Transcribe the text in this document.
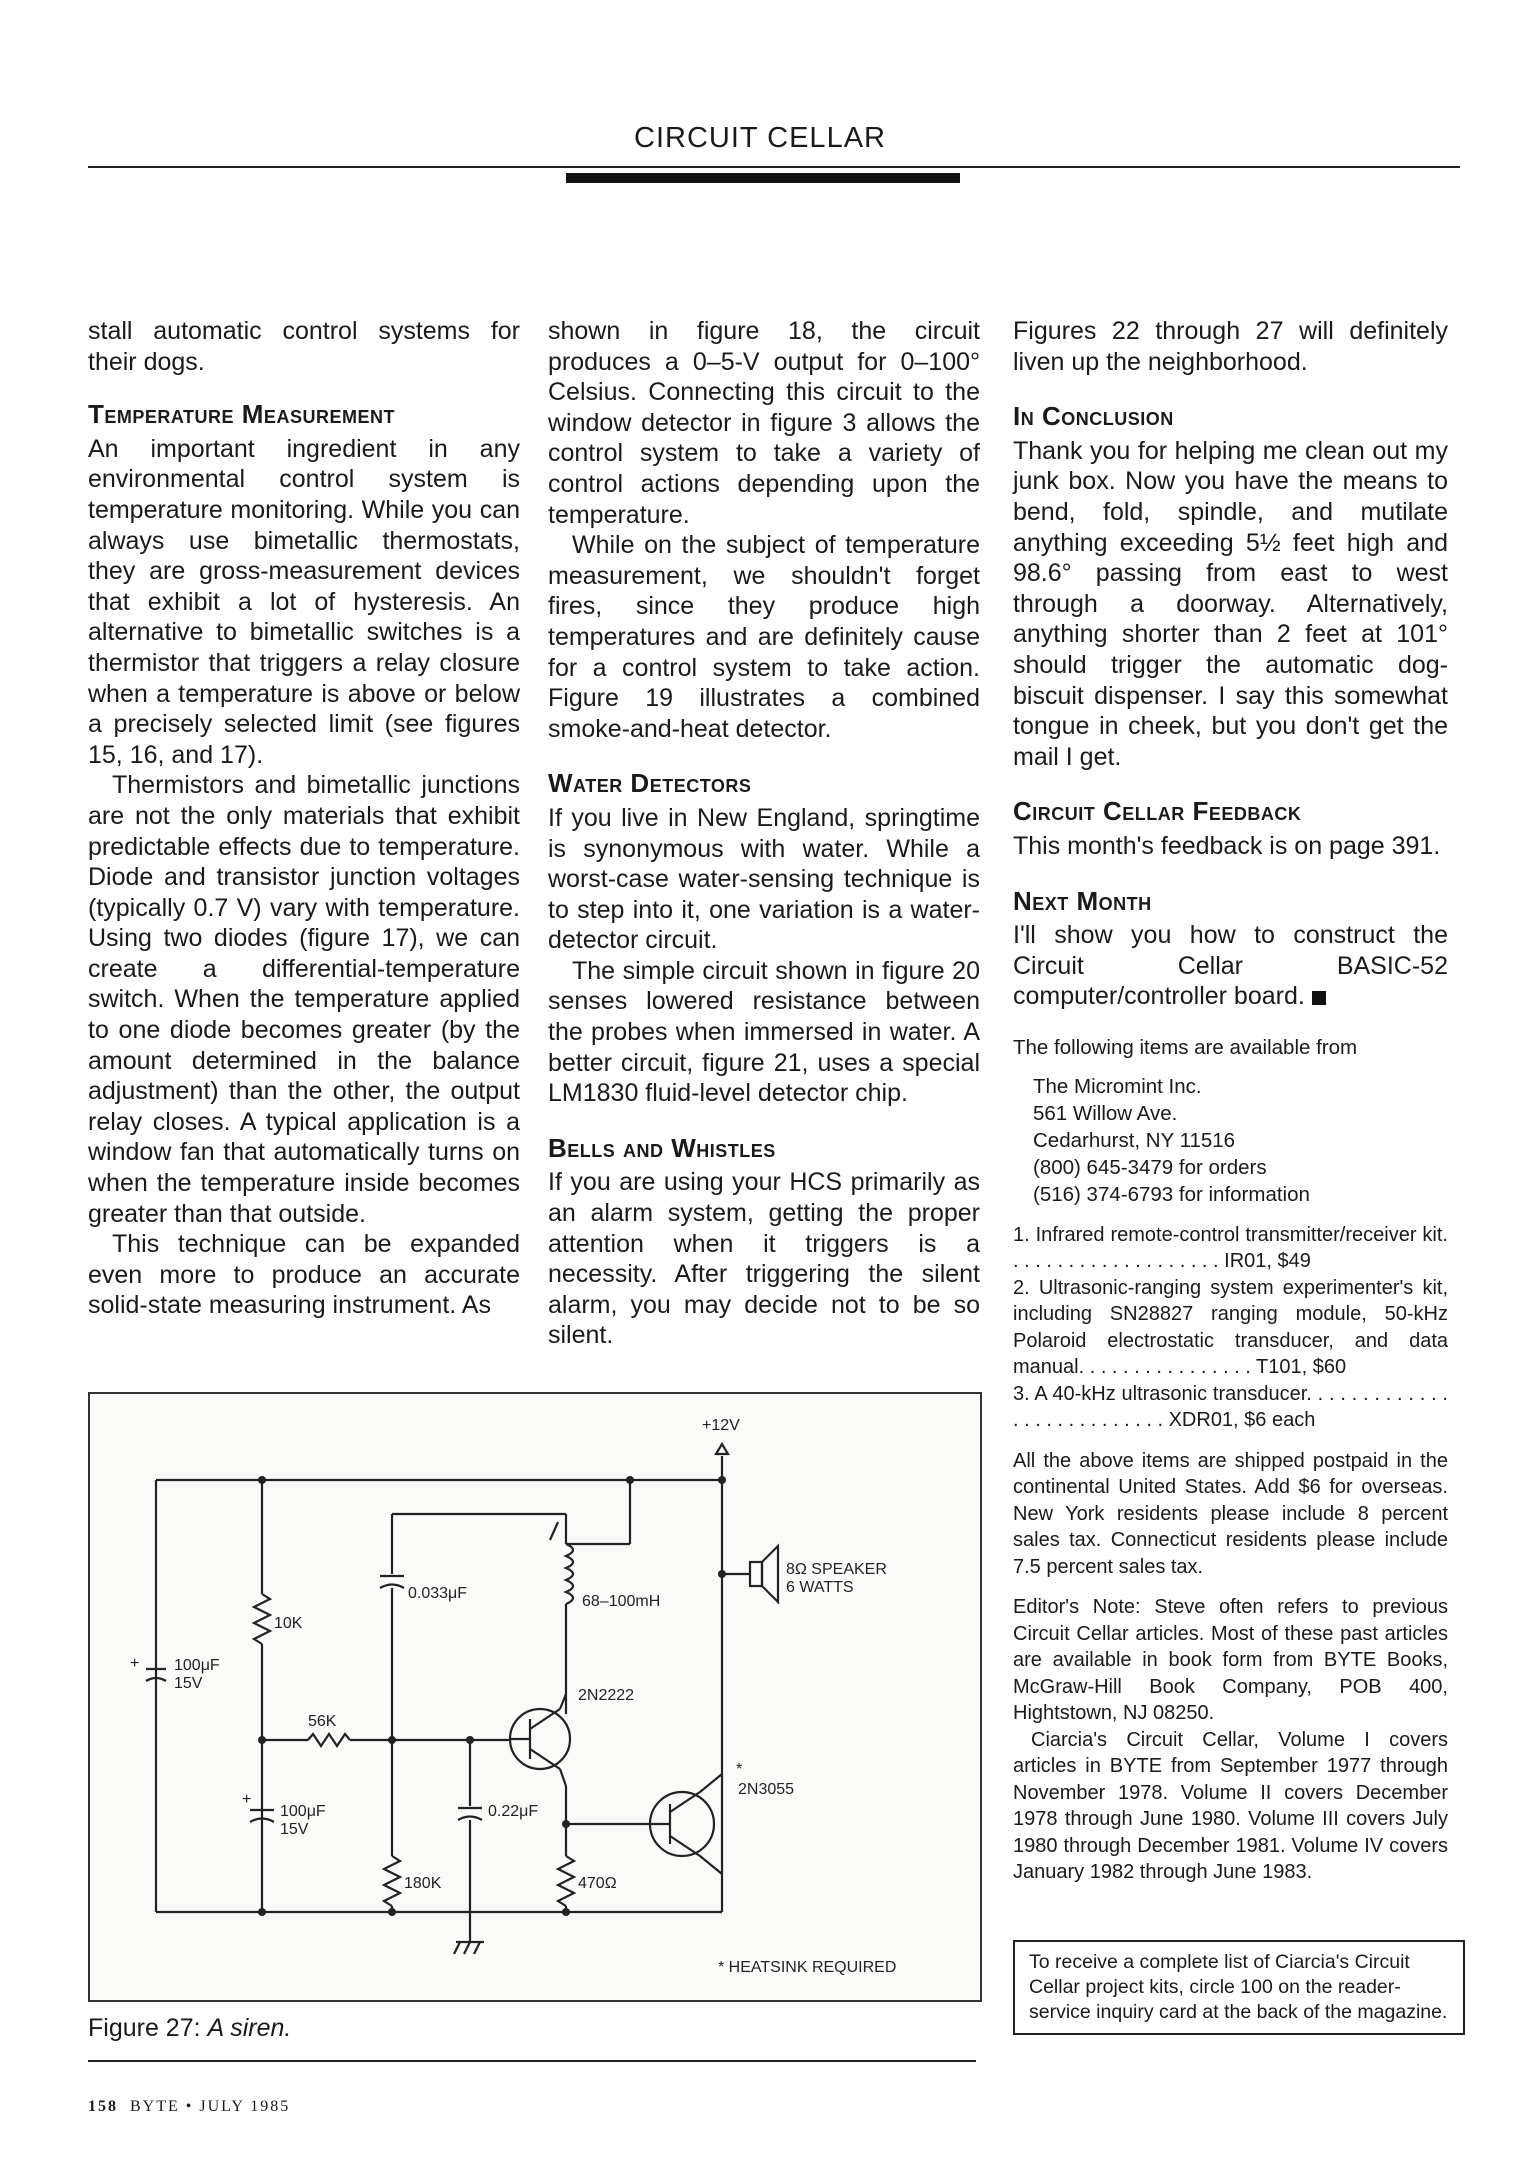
CIRCUIT CELLAR

stall automatic control systems for their dogs.

Temperature Measurement

An important ingredient in any environmental control system is temperature monitoring. While you can always use bimetallic thermostats, they are gross-measurement devices that exhibit a lot of hysteresis. An alternative to bimetallic switches is a thermistor that triggers a relay closure when a temperature is above or below a precisely selected limit (see figures 15, 16, and 17).

Thermistors and bimetallic junctions are not the only materials that exhibit predictable effects due to temperature. Diode and transistor junction voltages (typically 0.7 V) vary with temperature. Using two diodes (figure 17), we can create a differential-temperature switch. When the temperature applied to one diode becomes greater (by the amount determined in the balance adjustment) than the other, the output relay closes. A typical application is a window fan that automatically turns on when the temperature inside becomes greater than that outside.

This technique can be expanded even more to produce an accurate solid-state measuring instrument. As

shown in figure 18, the circuit produces a 0–5-V output for 0–100° Celsius. Connecting this circuit to the window detector in figure 3 allows the control system to take a variety of control actions depending upon the temperature.

While on the subject of temperature measurement, we shouldn't forget fires, since they produce high temperatures and are definitely cause for a control system to take action. Figure 19 illustrates a combined smoke-and-heat detector.

Water Detectors

If you live in New England, springtime is synonymous with water. While a worst-case water-sensing technique is to step into it, one variation is a water-detector circuit.

The simple circuit shown in figure 20 senses lowered resistance between the probes when immersed in water. A better circuit, figure 21, uses a special LM1830 fluid-level detector chip.

Bells and Whistles

If you are using your HCS primarily as an alarm system, getting the proper attention when it triggers is a necessity. After triggering the silent alarm, you may decide not to be so silent.

Figures 22 through 27 will definitely liven up the neighborhood.

In Conclusion

Thank you for helping me clean out my junk box. Now you have the means to bend, fold, spindle, and mutilate anything exceeding 5½ feet high and 98.6° passing from east to west through a doorway. Alternatively, anything shorter than 2 feet at 101° should trigger the automatic dog-biscuit dispenser. I say this somewhat tongue in cheek, but you don't get the mail I get.

Circuit Cellar Feedback

This month's feedback is on page 391.

Next Month

I'll show you how to construct the Circuit Cellar BASIC-52 computer/controller board.

The following items are available from

The Micromint Inc.
561 Willow Ave.
Cedarhurst, NY 11516
(800) 645-3479 for orders
(516) 374-6793 for information

1. Infrared remote-control transmitter/receiver kit. . . . . . . . . . . . . . . . . . . . IR01, $49

2. Ultrasonic-ranging system experimenter's kit, including SN28827 ranging module, 50-kHz Polaroid electrostatic transducer, and data manual. . . . . . . . . . . . . . . . T101, $60

3. A 40-kHz ultrasonic transducer. . . . . . . . . . . . . . . . . . . . . . . . . . . XDR01, $6 each

All the above items are shipped postpaid in the continental United States. Add $6 for overseas. New York residents please include 8 percent sales tax. Connecticut residents please include 7.5 percent sales tax.

Editor's Note: Steve often refers to previous Circuit Cellar articles. Most of these past articles are available in book form from BYTE Books, McGraw-Hill Book Company, POB 400, Hightstown, NJ 08250.

Ciarcia's Circuit Cellar, Volume I covers articles in BYTE from September 1977 through November 1978. Volume II covers December 1978 through June 1980. Volume III covers July 1980 through December 1981. Volume IV covers January 1982 through June 1983.

To receive a complete list of Ciarcia's Circuit Cellar project kits, circle 100 on the reader-service inquiry card at the back of the magazine.
+12V
8Ω SPEAKER
6 WATTS
0.033μF	68–100mH
10K
+ 100μF
15V
56K
2N2222
*
2N3055
+
100μF
15V
0.22μF
180K	470Ω
* HEATSINK REQUIRED
Figure 27: A siren.
158 BYTE • JULY 1985
